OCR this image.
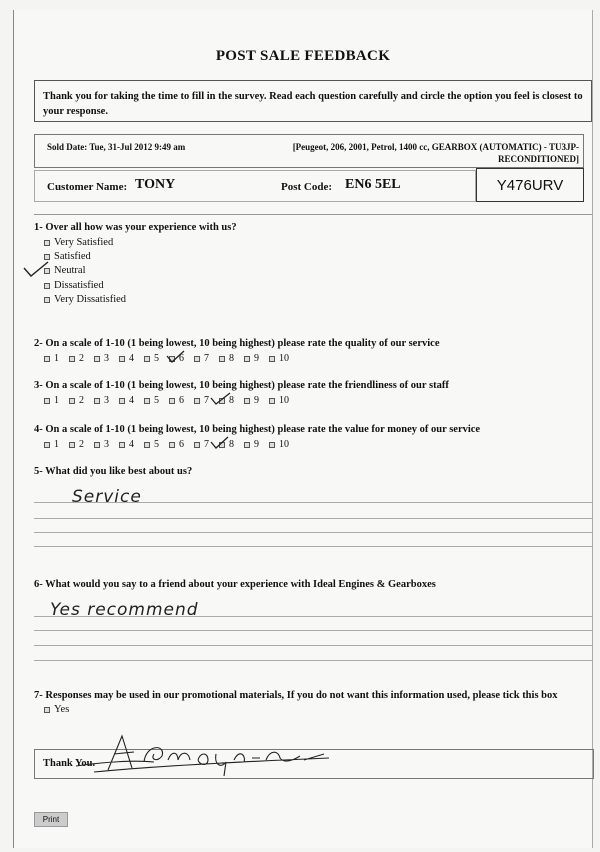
POST SALE FEEDBACK
Thank you for taking the time to fill in the survey. Read each question carefully and circle the option you feel is closest to your response.
Sold Date: Tue, 31-Jul 2012 9:49 am	[Peugeot, 206, 2001, Petrol, 1400 cc, GEARBOX (AUTOMATIC) - TU3JP-RECONDITIONED]
Customer Name: TONY	Post Code: EN6 5EL	Y476URV
1- Over all how was your experience with us?
Very Satisfied
Satisfied
Neutral
Dissatisfied
Very Dissatisfied
2- On a scale of 1-10 (1 being lowest, 10 being highest) please rate the quality of our service
1 2 3 4 5 6 7 8 9 10
3- On a scale of 1-10 (1 being lowest, 10 being highest) please rate the friendliness of our staff
1 2 3 4 5 6 7 8 9 10
4- On a scale of 1-10 (1 being lowest, 10 being highest) please rate the value for money of our service
1 2 3 4 5 6 7 8 9 10
5- What did you like best about us?
Service
6- What would you say to a friend about your experience with Ideal Engines & Gearboxes
Yes recommend
7- Responses may be used in our promotional materials, If you do not want this information used, please tick this box
Yes
Thank You.
Print
